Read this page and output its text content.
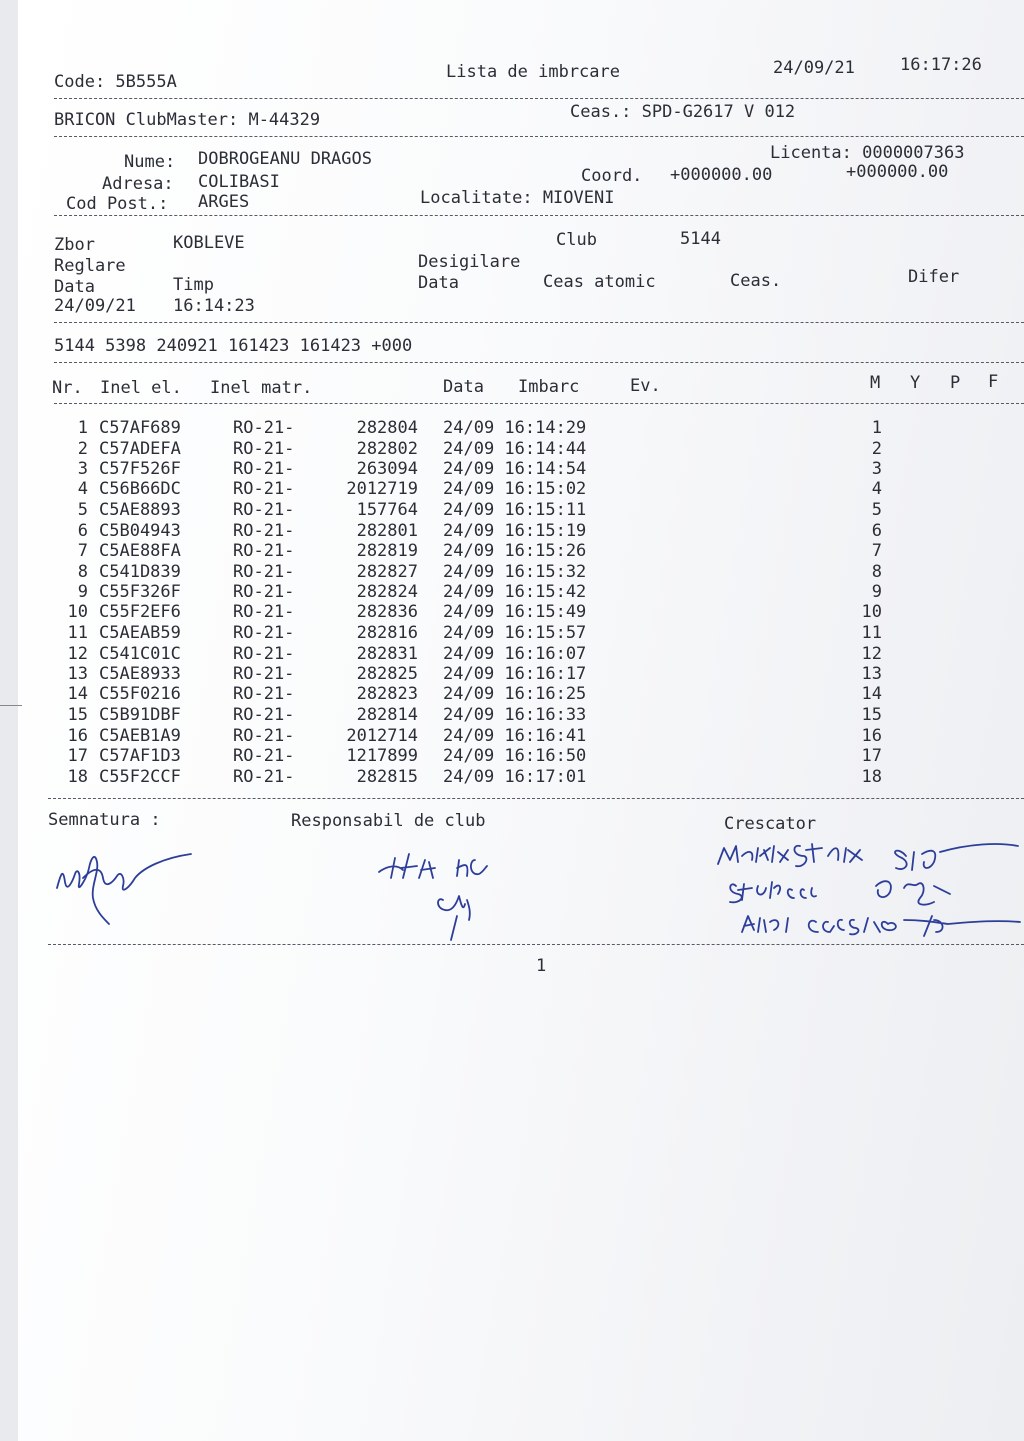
Code: 5B555A	Lista de imbrcare	24/09/21	16:17:26
BRICON ClubMaster: M-44329	Ceas.: SPD-G2617 V 012
Nume: DOBROGEANU DRAGOS	Licenta: 0000007363
Adresa: COLIBASI	Coord. +000000.00	+000000.00
Cod Post.: ARGES	Localitate: MIOVENI
Zbor	KOBLEVE	Club	5144
Reglare	Desigilare
Data	Timp	Data	Ceas atomic	Ceas.	Difer
24/09/21 16:14:23
5144 5398 240921 161423 161423 +000
Nr. Inel el. Inel matr.	Data Imbarc	Ev.	M Y P F
1 C57AF689	RO-21-	282804 24/09 16:14:29	1
2 C57ADEFA	RO-21-	282802 24/09 16:14:44	2
3 C57F526F	RO-21-	263094 24/09 16:14:54	3
4 C56B66DC	RO-21-	2012719 24/09 16:15:02	4
5 C5AE8893	RO-21-	157764 24/09 16:15:11	5
6 C5B04943	RO-21-	282801 24/09 16:15:19	6
7 C5AE88FA	RO-21-	282819 24/09 16:15:26	7
8 C541D839	RO-21-	282827 24/09 16:15:32	8
9 C55F326F	RO-21-	282824 24/09 16:15:42	9
10 C55F2EF6	RO-21-	282836 24/09 16:15:49	10
11 C5AEAB59	RO-21-	282816 24/09 16:15:57	11
12 C541C01C	RO-21-	282831 24/09 16:16:07	12
13 C5AE8933	RO-21-	282825 24/09 16:16:17	13
14 C55F0216	RO-21-	282823 24/09 16:16:25	14
15 C5B91DBF	RO-21-	282814 24/09 16:16:33	15
16 C5AEB1A9	RO-21-	2012714 24/09 16:16:41	16
17 C57AF1D3	RO-21-	1217899 24/09 16:16:50	17
18 C55F2CCF	RO-21-	282815 24/09 16:17:01	18
Semnatura :	Responsabil de club	Crescator
1
